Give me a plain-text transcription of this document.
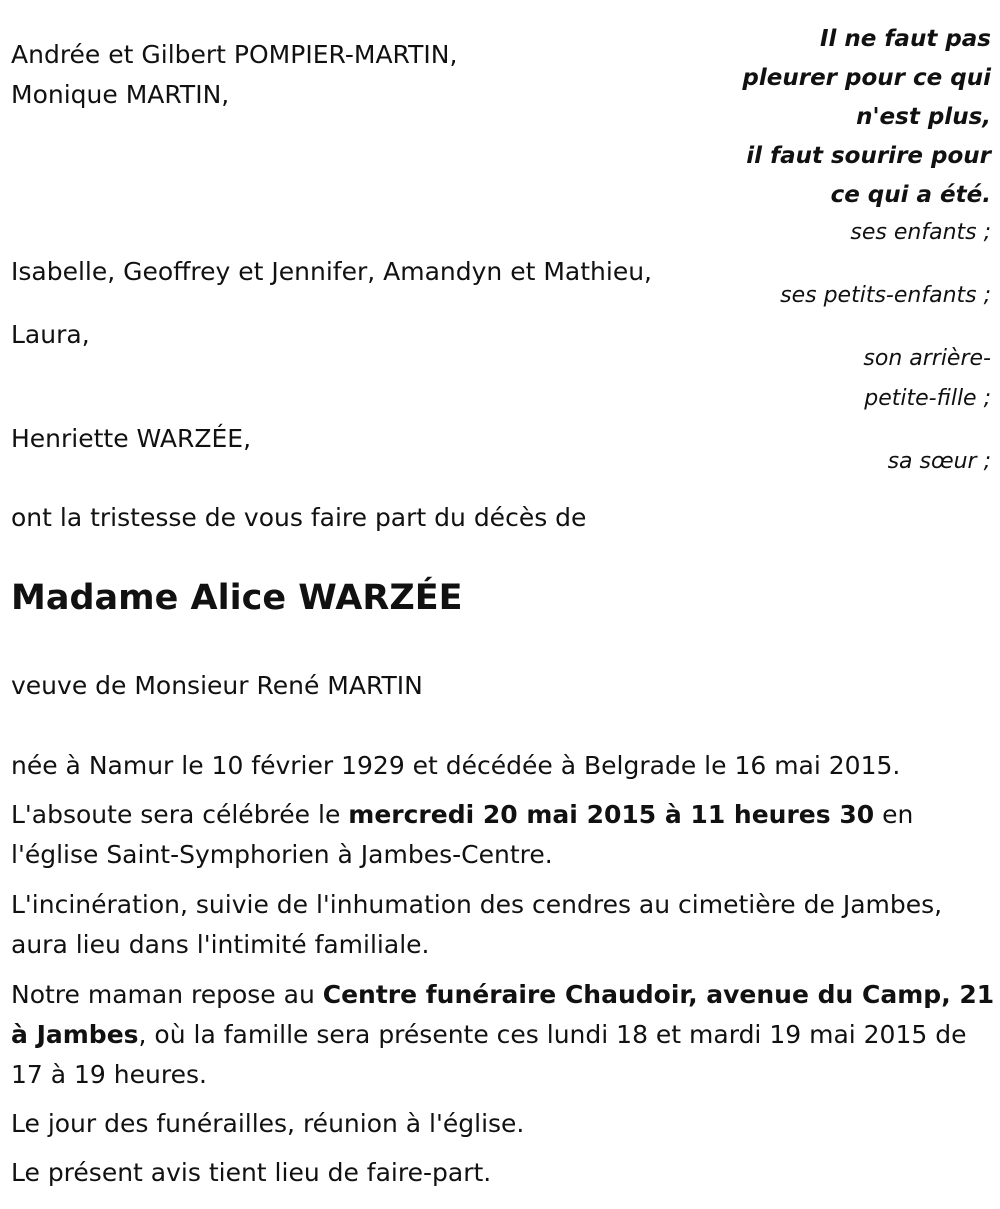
Andrée et Gilbert POMPIER-MARTIN,
Monique MARTIN,
Il ne faut pas
pleurer pour ce qui
n'est plus,
il faut sourire pour
ce qui a été.
ses enfants ;
Isabelle, Geoffrey et Jennifer, Amandyn et Mathieu,
ses petits-enfants ;
Laura,
son arrière-
petite-fille ;
Henriette WARZÉE,
sa sœur ;
ont la tristesse de vous faire part du décès de
Madame Alice WARZÉE
veuve de Monsieur René MARTIN
née à Namur le 10 février 1929 et décédée à Belgrade le 16 mai 2015.
L'absoute sera célébrée le mercredi 20 mai 2015 à 11 heures 30 en l'église Saint-Symphorien à Jambes-Centre.
L'incinération, suivie de l'inhumation des cendres au cimetière de Jambes, aura lieu dans l'intimité familiale.
Notre maman repose au Centre funéraire Chaudoir, avenue du Camp, 21 à Jambes, où la famille sera présente ces lundi 18 et mardi 19 mai 2015 de 17 à 19 heures.
Le jour des funérailles, réunion à l'église.
Le présent avis tient lieu de faire-part.
